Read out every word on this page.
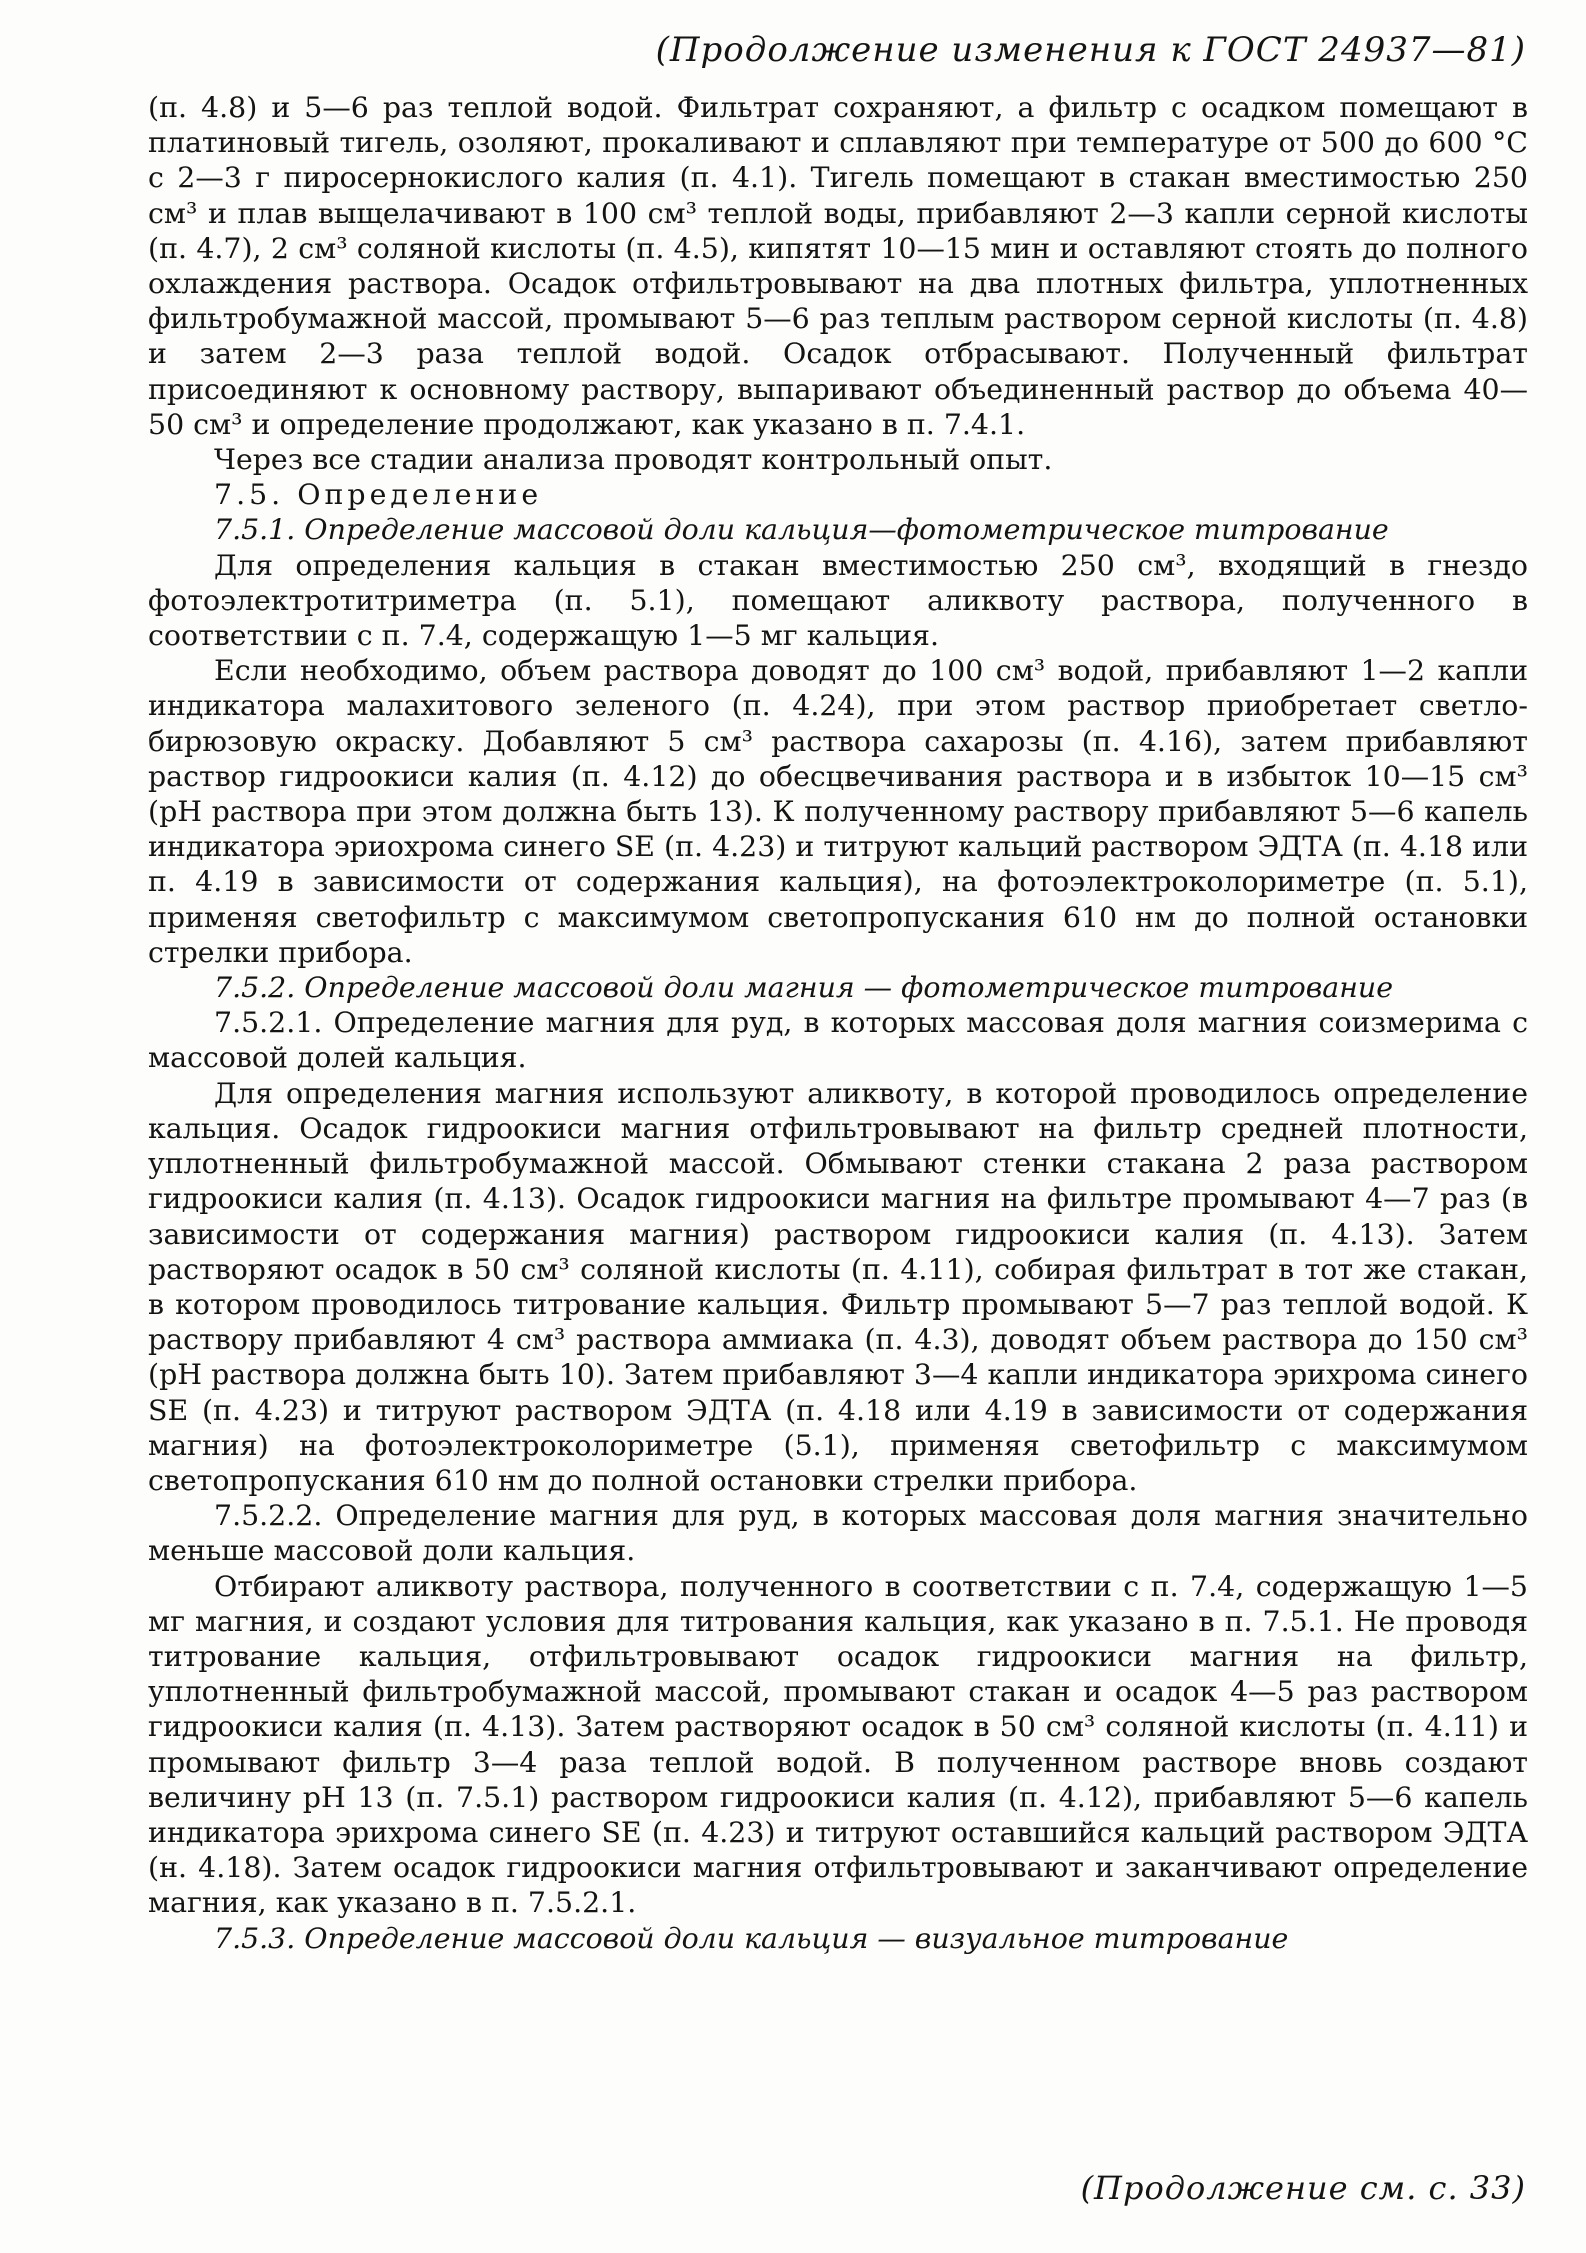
(Продолжение изменения к ГОСТ 24937—81)

(п. 4.8) и 5—6 раз теплой водой. Фильтрат сохраняют, а фильтр с осадком помещают в платиновый тигель, озоляют, прокаливают и сплавляют при температуре от 500 до 600 °С с 2—3 г пиросернокислого калия (п. 4.1). Тигель помещают в стакан вместимостью 250 см³ и плав выщелачивают в 100 см³ теплой воды, прибавляют 2—3 капли серной кислоты (п. 4.7), 2 см³ соляной кислоты (п. 4.5), кипятят 10—15 мин и оставляют стоять до полного охлаждения раствора. Осадок отфильтровывают на два плотных фильтра, уплотненных фильтробумажной массой, промывают 5—6 раз теплым раствором серной кислоты (п. 4.8) и затем 2—3 раза теплой водой. Осадок отбрасывают. Полученный фильтрат присоединяют к основному раствору, выпаривают объединенный раствор до объема 40—50 см³ и определение продолжают, как указано в п. 7.4.1.

Через все стадии анализа проводят контрольный опыт.

7.5. Определение

7.5.1. Определение массовой доли кальция—фотометрическое титрование

Для определения кальция в стакан вместимостью 250 см³, входящий в гнездо фотоэлектротитриметра (п. 5.1), помещают аликвоту раствора, полученного в соответствии с п. 7.4, содержащую 1—5 мг кальция.

Если необходимо, объем раствора доводят до 100 см³ водой, прибавляют 1—2 капли индикатора малахитового зеленого (п. 4.24), при этом раствор приобретает светло-бирюзовую окраску. Добавляют 5 см³ раствора сахарозы (п. 4.16), затем прибавляют раствор гидроокиси калия (п. 4.12) до обесцвечивания раствора и в избыток 10—15 см³ (рН раствора при этом должна быть 13). К полученному раствору прибавляют 5—6 капель индикатора эриохрома синего SE (п. 4.23) и титруют кальций раствором ЭДТА (п. 4.18 или п. 4.19 в зависимости от содержания кальция), на фотоэлектроколориметре (п. 5.1), применяя светофильтр с максимумом светопропускания 610 нм до полной остановки стрелки прибора.

7.5.2. Определение массовой доли магния — фотометрическое титрование

7.5.2.1. Определение магния для руд, в которых массовая доля магния соизмерима с массовой долей кальция.

Для определения магния используют аликвоту, в которой проводилось определение кальция. Осадок гидроокиси магния отфильтровывают на фильтр средней плотности, уплотненный фильтробумажной массой. Обмывают стенки стакана 2 раза раствором гидроокиси калия (п. 4.13). Осадок гидроокиси магния на фильтре промывают 4—7 раз (в зависимости от содержания магния) раствором гидроокиси калия (п. 4.13). Затем растворяют осадок в 50 см³ соляной кислоты (п. 4.11), собирая фильтрат в тот же стакан, в котором проводилось титрование кальция. Фильтр промывают 5—7 раз теплой водой. К раствору прибавляют 4 см³ раствора аммиака (п. 4.3), доводят объем раствора до 150 см³ (рН раствора должна быть 10). Затем прибавляют 3—4 капли индикатора эрихрома синего SE (п. 4.23) и титруют раствором ЭДТА (п. 4.18 или 4.19 в зависимости от содержания магния) на фотоэлектроколориметре (5.1), применяя светофильтр с максимумом светопропускания 610 нм до полной остановки стрелки прибора.

7.5.2.2. Определение магния для руд, в которых массовая доля магния значительно меньше массовой доли кальция.

Отбирают аликвоту раствора, полученного в соответствии с п. 7.4, содержащую 1—5 мг магния, и создают условия для титрования кальция, как указано в п. 7.5.1. Не проводя титрование кальция, отфильтровывают осадок гидроокиси магния на фильтр, уплотненный фильтробумажной массой, промывают стакан и осадок 4—5 раз раствором гидроокиси калия (п. 4.13). Затем растворяют осадок в 50 см³ соляной кислоты (п. 4.11) и промывают фильтр 3—4 раза теплой водой. В полученном растворе вновь создают величину рН 13 (п. 7.5.1) раствором гидроокиси калия (п. 4.12), прибавляют 5—6 капель индикатора эрихрома синего SE (п. 4.23) и титруют оставшийся кальций раствором ЭДТА (н. 4.18). Затем осадок гидроокиси магния отфильтровывают и заканчивают определение магния, как указано в п. 7.5.2.1.

7.5.3. Определение массовой доли кальция — визуальное титрование

(Продолжение см. с. 33)
